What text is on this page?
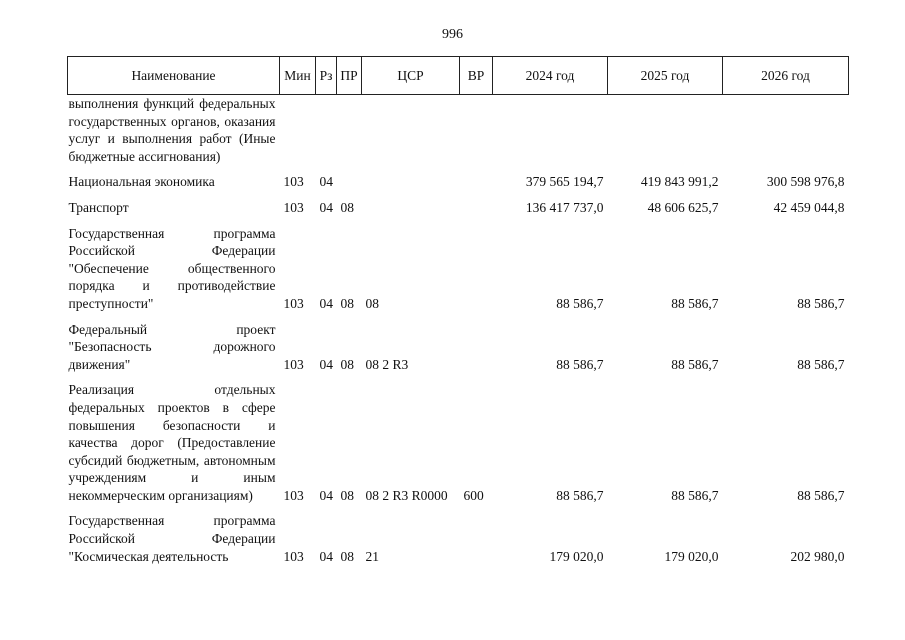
996
Наименование	Мин	Рз	ПР	ЦСР	ВР	2024 год	2025 год	2026 год

выполнения функций федеральных государственных органов, оказания услуг и выполнения работ (Иные бюджетные ассигнования)								

Национальная экономика	103	04				379 565 194,7	419 843 991,2	300 598 976,8

Транспорт	103	04	08			136 417 737,0	48 606 625,7	42 459 044,8

Государственная программа Российской Федерации "Обеспечение общественного порядка и противодействие преступности"	103	04	08	08		88 586,7	88 586,7	88 586,7

Федеральный проект "Безопасность дорожного движения"	103	04	08	08 2 R3		88 586,7	88 586,7	88 586,7

Реализация отдельных федеральных проектов в сфере повышения безопасности и качества дорог (Предоставление субсидий бюджетным, автономным учреждениям и иным некоммерческим организациям)	103	04	08	08 2 R3 R0000	600	88 586,7	88 586,7	88 586,7

Государственная программа Российской Федерации "Космическая деятельность	103	04	08	21		179 020,0	179 020,0	202 980,0
